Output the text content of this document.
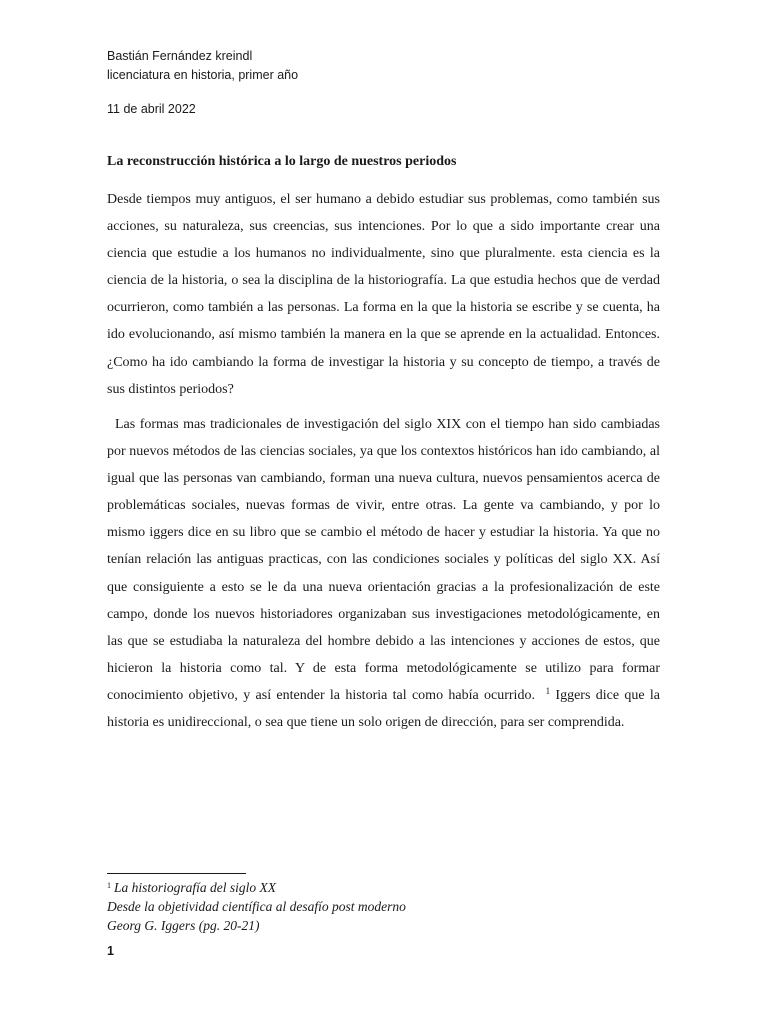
Bastián Fernández kreindl
licenciatura en historia, primer año
11 de abril 2022
La reconstrucción histórica a lo largo de nuestros periodos

Desde tiempos muy antiguos, el ser humano a debido estudiar sus problemas, como también sus acciones, su naturaleza, sus creencias, sus intenciones. Por lo que a sido importante crear una ciencia que estudie a los humanos no individualmente, sino que pluralmente. esta ciencia es la ciencia de la historia, o sea la disciplina de la historiografía. La que estudia hechos que de verdad ocurrieron, como también a las personas. La forma en la que la historia se escribe y se cuenta, ha ido evolucionando, así mismo también la manera en la que se aprende en la actualidad. Entonces. ¿Como ha ido cambiando la forma de investigar la historia y su concepto de tiempo, a través de sus distintos periodos?

Las formas mas tradicionales de investigación del siglo XIX con el tiempo han sido cambiadas por nuevos métodos de las ciencias sociales, ya que los contextos históricos han ido cambiando, al igual que las personas van cambiando, forman una nueva cultura, nuevos pensamientos acerca de problemáticas sociales, nuevas formas de vivir, entre otras. La gente va cambiando, y por lo mismo iggers dice en su libro que se cambio el método de hacer y estudiar la historia. Ya que no tenían relación las antiguas practicas, con las condiciones sociales y políticas del siglo XX. Así que consiguiente a esto se le da una nueva orientación gracias a la profesionalización de este campo, donde los nuevos historiadores organizaban sus investigaciones metodológicamente, en las que se estudiaba la naturaleza del hombre debido a las intenciones y acciones de estos, que hicieron la historia como tal. Y de esta forma metodológicamente se utilizo para formar conocimiento objetivo, y así entender la historia tal como había ocurrido. $^1$ Iggers dice que la historia es unidireccional, o sea que tiene un solo origen de dirección, para ser comprendida.

$^1$ La historiografía del siglo XX
Desde la objetividad científica al desafío post moderno
Georg G. Iggers (pg. 20-21)
1
